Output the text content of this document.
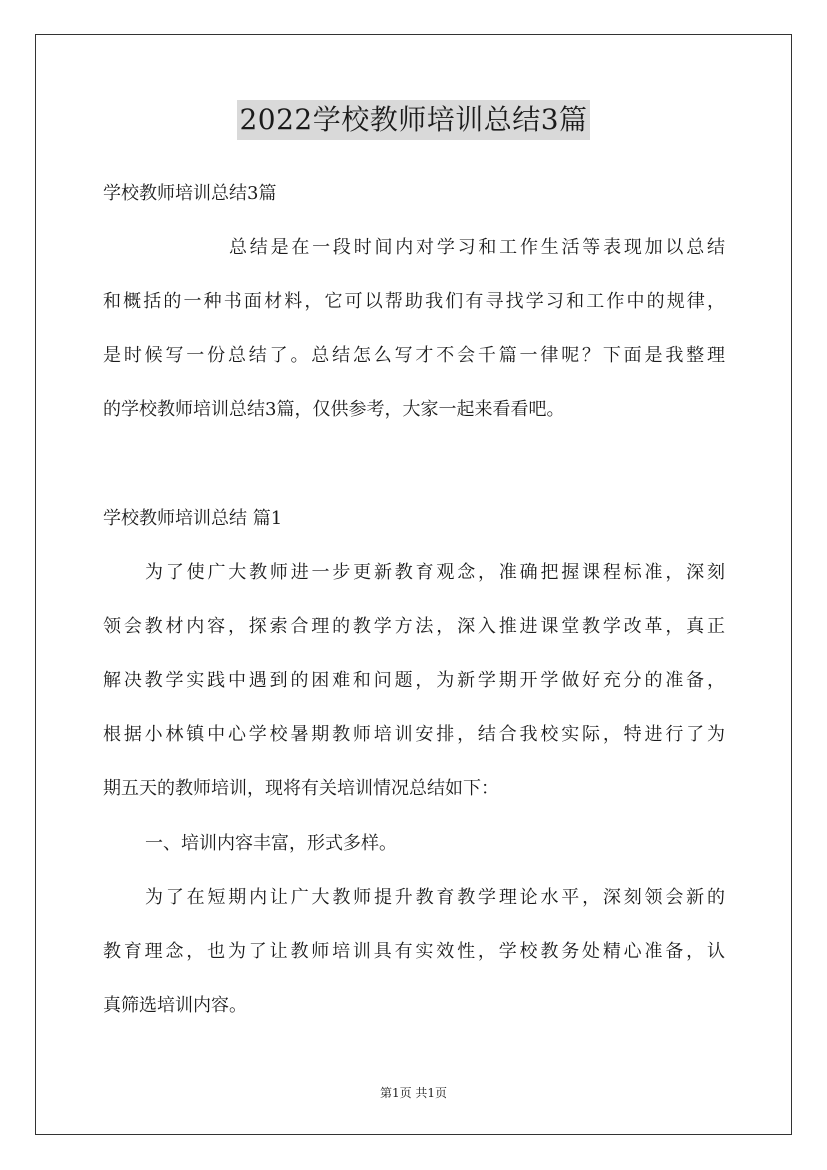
2022学校教师培训总结3篇
学校教师培训总结3篇
总结是在一段时间内对学习和工作生活等表现加以总结
和概括的一种书面材料，它可以帮助我们有寻找学习和工作中的规律，
是时候写一份总结了。总结怎么写才不会千篇一律呢？下面是我整理
的学校教师培训总结3篇，仅供参考，大家一起来看看吧。
学校教师培训总结 篇1
为了使广大教师进一步更新教育观念，准确把握课程标准，深刻
领会教材内容，探索合理的教学方法，深入推进课堂教学改革，真正
解决教学实践中遇到的困难和问题，为新学期开学做好充分的准备，
根据小林镇中心学校暑期教师培训安排，结合我校实际，特进行了为
期五天的教师培训，现将有关培训情况总结如下：
一、培训内容丰富，形式多样。
为了在短期内让广大教师提升教育教学理论水平，深刻领会新的
教育理念，也为了让教师培训具有实效性，学校教务处精心准备，认
真筛选培训内容。
第1页 共1页
